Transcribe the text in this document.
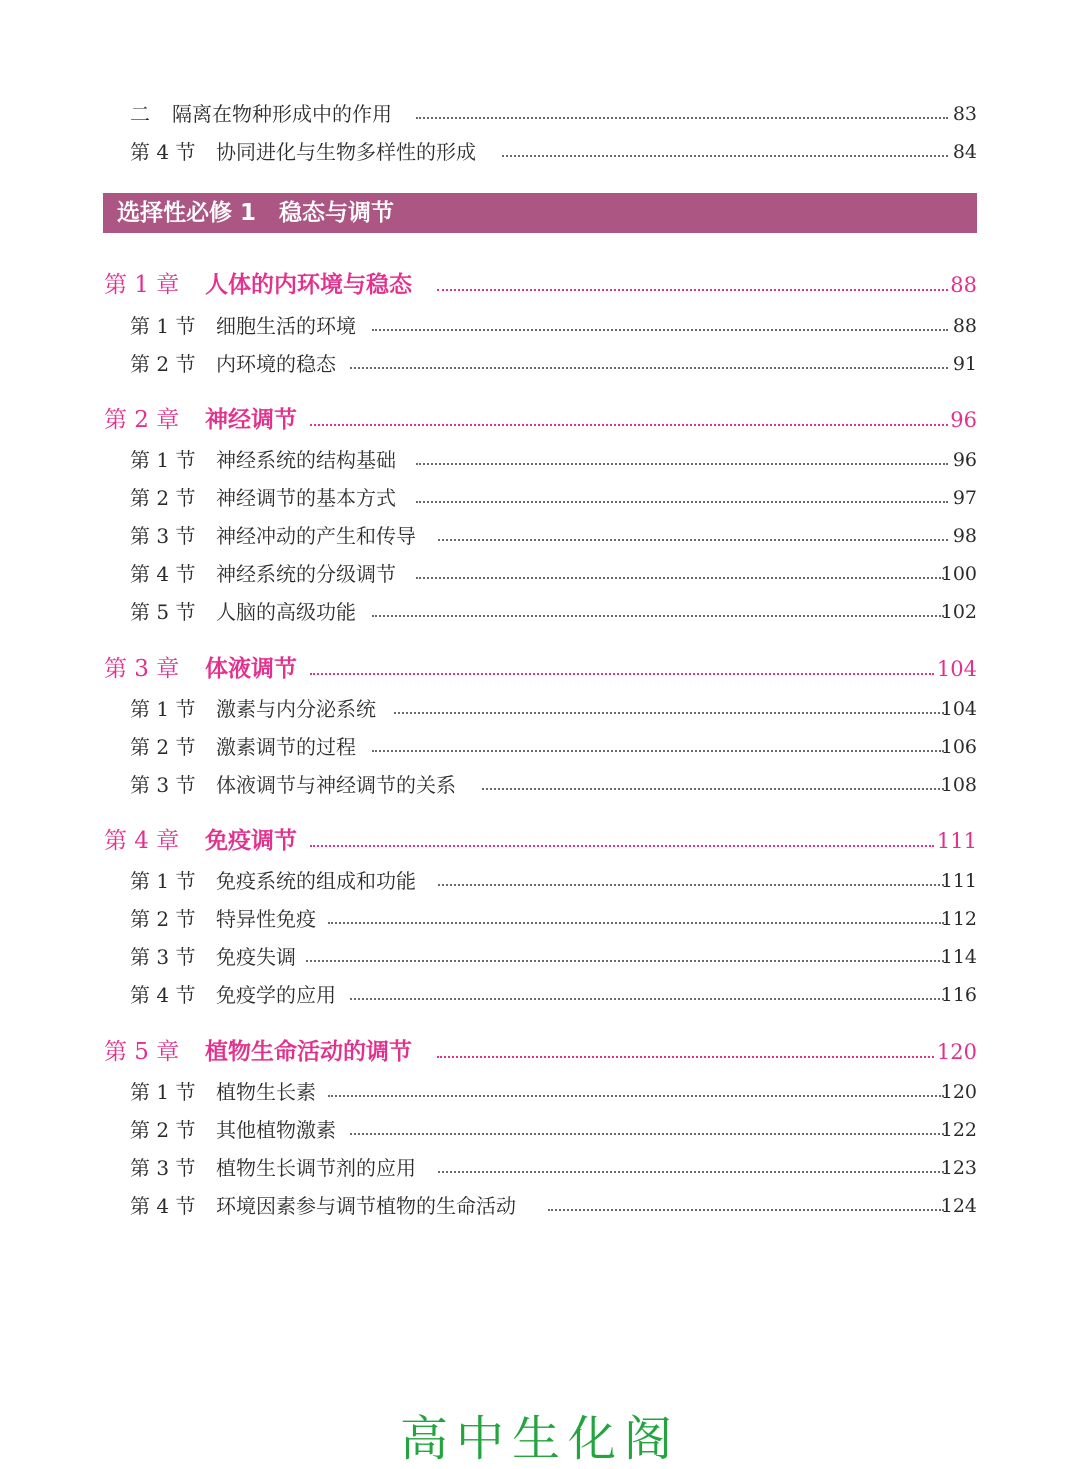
二 隔离在物种形成中的作用	83
第 4 节 协同进化与生物多样性的形成	84
选择性必修 1　稳态与调节
第 1 章 人体的内环境与稳态	88
第 1 节 细胞生活的环境	88
第 2 节 内环境的稳态	91
第 2 章 神经调节	96
第 1 节 神经系统的结构基础	96
第 2 节 神经调节的基本方式	97
第 3 节 神经冲动的产生和传导	98
第 4 节 神经系统的分级调节	100
第 5 节 人脑的高级功能	102
第 3 章 体液调节	104
第 1 节 激素与内分泌系统	104
第 2 节 激素调节的过程	106
第 3 节 体液调节与神经调节的关系	108
第 4 章 免疫调节	111
第 1 节 免疫系统的组成和功能	111
第 2 节 特异性免疫	112
第 3 节 免疫失调	114
第 4 节 免疫学的应用	116
第 5 章 植物生命活动的调节	120
第 1 节 植物生长素	120
第 2 节 其他植物激素	122
第 3 节 植物生长调节剂的应用	123
第 4 节 环境因素参与调节植物的生命活动	124
高中生化阁
